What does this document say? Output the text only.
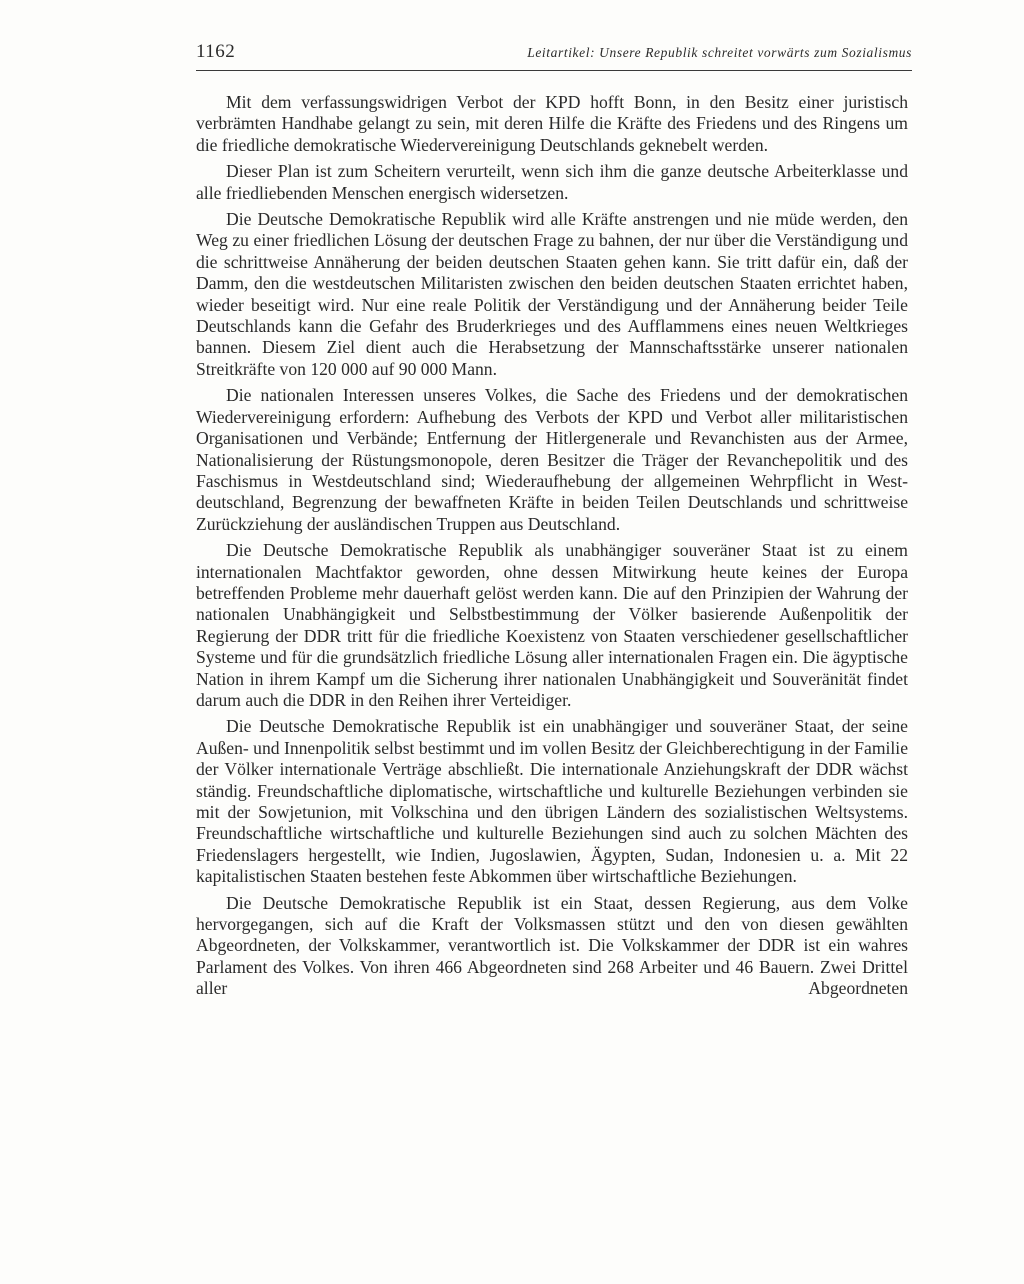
1162	Leitartikel: Unsere Republik schreitet vorwärts zum Sozialismus

Mit dem verfassungswidrigen Verbot der KPD hofft Bonn, in den Besitz einer juristisch verbrämten Handhabe gelangt zu sein, mit deren Hilfe die Kräfte des Friedens und des Ringens um die friedliche demokratische Wiedervereinigung Deutschlands geknebelt werden.

Dieser Plan ist zum Scheitern verurteilt, wenn sich ihm die ganze deutsche Arbeiterklasse und alle friedliebenden Menschen energisch widersetzen.

Die Deutsche Demokratische Republik wird alle Kräfte anstrengen und nie müde werden, den Weg zu einer friedlichen Lösung der deutschen Frage zu bahnen, der nur über die Verständigung und die schrittweise Annäherung der beiden deutschen Staaten gehen kann. Sie tritt dafür ein, daß der Damm, den die westdeutschen Militaristen zwischen den beiden deutschen Staaten errichtet haben, wieder beseitigt wird. Nur eine reale Politik der Verständigung und der Annäherung beider Teile Deutschlands kann die Gefahr des Bruderkrieges und des Aufflammens eines neuen Weltkrieges bannen. Diesem Ziel dient auch die Herabsetzung der Mannschaftsstärke unserer nationalen Streitkräfte von 120 000 auf 90 000 Mann.

Die nationalen Interessen unseres Volkes, die Sache des Friedens und der demokratischen Wiedervereinigung erfordern: Aufhebung des Verbots der KPD und Verbot aller militaristischen Organisationen und Verbände; Entfernung der Hitlergenerale und Revanchisten aus der Armee, Nationalisierung der Rüstungsmonopole, deren Besitzer die Träger der Revanchepolitik und des Faschismus in Westdeutschland sind; Wiederaufhebung der allgemeinen Wehrpflicht in Westdeutschland, Begrenzung der bewaffneten Kräfte in beiden Teilen Deutschlands und schrittweise Zurückziehung der ausländischen Truppen aus Deutschland.

Die Deutsche Demokratische Republik als unabhängiger souveräner Staat ist zu einem internationalen Machtfaktor geworden, ohne dessen Mitwirkung heute keines der Europa betreffenden Probleme mehr dauerhaft gelöst werden kann. Die auf den Prinzipien der Wahrung der nationalen Unabhängigkeit und Selbstbestimmung der Völker basierende Außenpolitik der Regierung der DDR tritt für die friedliche Koexistenz von Staaten verschiedener gesellschaftlicher Systeme und für die grundsätzlich friedliche Lösung aller internationalen Fragen ein. Die ägyptische Nation in ihrem Kampf um die Sicherung ihrer nationalen Unabhängigkeit und Souveränität findet darum auch die DDR in den Reihen ihrer Verteidiger.

Die Deutsche Demokratische Republik ist ein unabhängiger und souveräner Staat, der seine Außen- und Innenpolitik selbst bestimmt und im vollen Besitz der Gleichberechtigung in der Familie der Völker internationale Verträge abschließt. Die internationale Anziehungskraft der DDR wächst ständig. Freundschaftliche diplomatische, wirtschaftliche und kulturelle Beziehungen verbinden sie mit der Sowjetunion, mit Volkschina und den übrigen Ländern des sozialistischen Weltsystems. Freundschaftliche wirtschaftliche und kulturelle Beziehungen sind auch zu solchen Mächten des Friedenslagers hergestellt, wie Indien, Jugoslawien, Ägypten, Sudan, Indonesien u. a. Mit 22 kapitalistischen Staaten bestehen feste Abkommen über wirtschaftliche Beziehungen.

Die Deutsche Demokratische Republik ist ein Staat, dessen Regierung, aus dem Volke hervorgegangen, sich auf die Kraft der Volksmassen stützt und den von diesen gewählten Abgeordneten, der Volkskammer, verantwortlich ist. Die Volkskammer der DDR ist ein wahres Parlament des Volkes. Von ihren 466 Abgeordneten sind 268 Arbeiter und 46 Bauern. Zwei Drittel aller Abgeordneten
